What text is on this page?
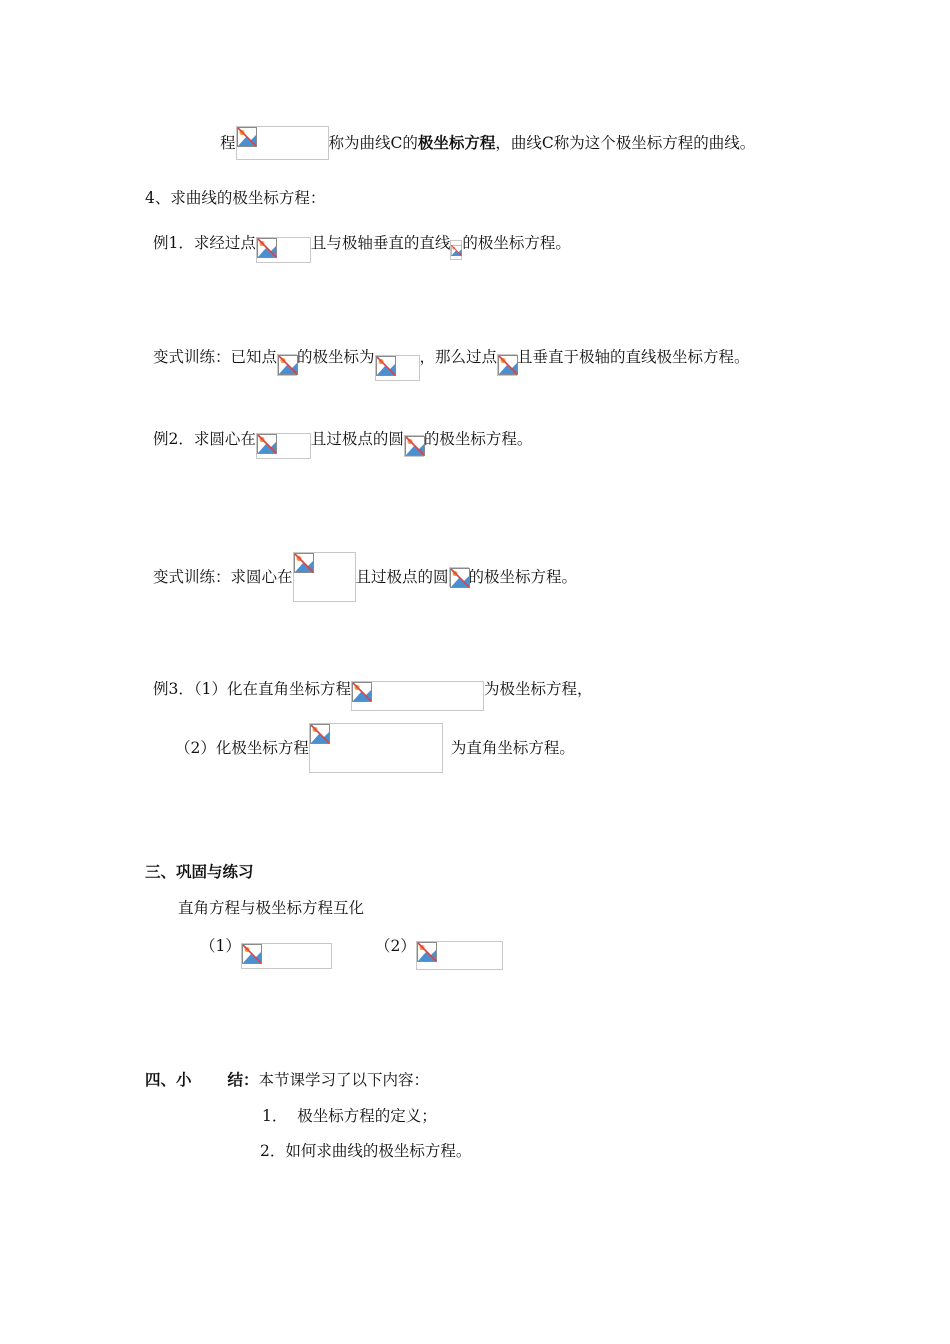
程	称为曲线C的 极坐标方程 ，曲线C称为这个极坐标方程的曲线。
4、求曲线的极坐标方程：
例1．求经过点	且与极轴垂直的直线 的极坐标方程。
变式训练：已知点 的极坐标为	，那么过点 且垂直于极轴的直线极坐标方程。
例2．求圆心在	且过极点的圆 的极坐标方程。
变式训练：求圆心在	且过极点的圆 的极坐标方程。
例3．（1）化在直角坐标方程	为极坐标方程，
（2）化极坐标方程	为直角坐标方程。
三、巩固与练习
直角方程与极坐标方程互化
（1）	（2）
四、小 结： 本节课学习了以下内容：
1．  极坐标方程的定义；
2．如何求曲线的极坐标方程。
